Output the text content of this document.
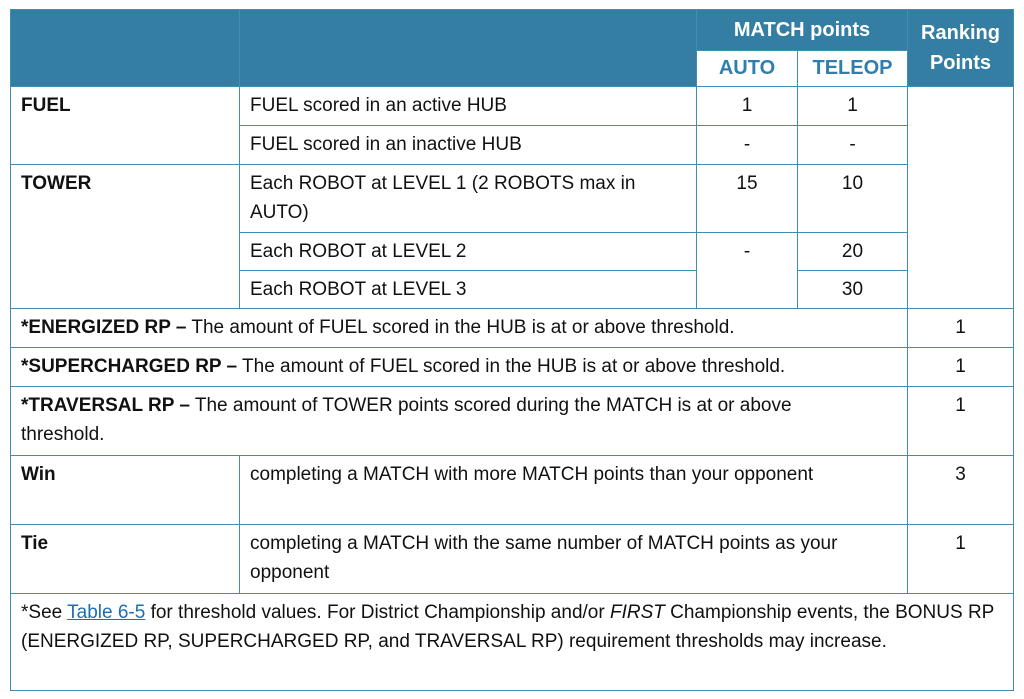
		MATCH points		Ranking Points
		AUTO	TELEOP	
FUEL	FUEL scored in an active HUB	1	1	
	FUEL scored in an inactive HUB	-	-	
TOWER	Each ROBOT at LEVEL 1 (2 ROBOTS max in AUTO)	15	10	
	Each ROBOT at LEVEL 2	-	20	
	Each ROBOT at LEVEL 3		30	
*ENERGIZED RP – The amount of FUEL scored in the HUB is at or above threshold.				1
*SUPERCHARGED RP – The amount of FUEL scored in the HUB is at or above threshold.				1
*TRAVERSAL RP – The amount of TOWER points scored during the MATCH is at or above threshold.				1
Win	completing a MATCH with more MATCH points than your opponent			3
Tie	completing a MATCH with the same number of MATCH points as your opponent			1
*See Table 6-5 for threshold values. For District Championship and/or FIRST Championship events, the BONUS RP (ENERGIZED RP, SUPERCHARGED RP, and TRAVERSAL RP) requirement thresholds may increase.				
